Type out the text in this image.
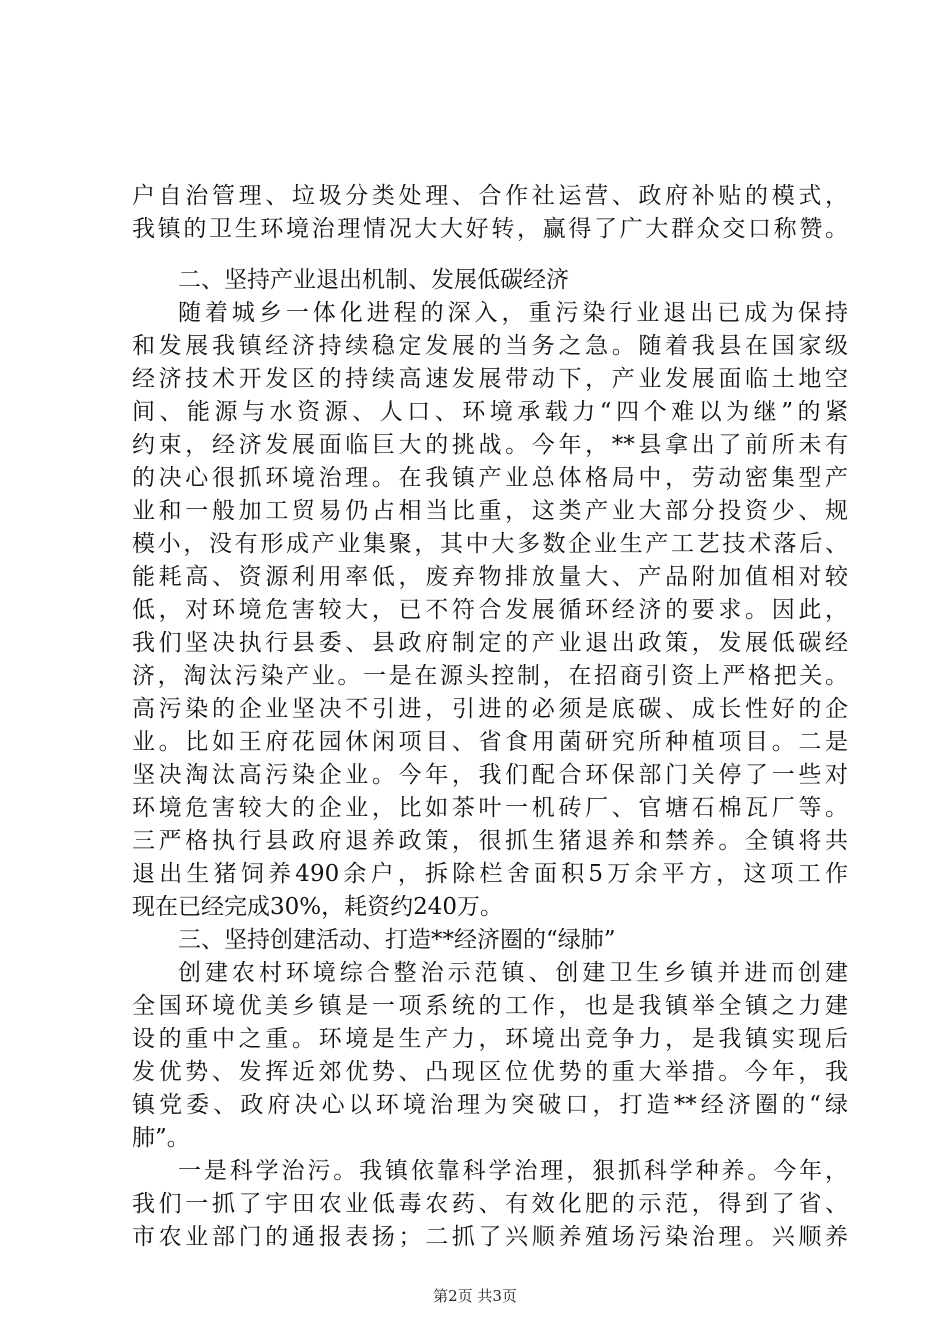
户自治管理、垃圾分类处理、合作社运营、政府补贴的模式，
我镇的卫生环境治理情况大大好转，赢得了广大群众交口称赞。
二、坚持产业退出机制、发展低碳经济
随着城乡一体化进程的深入，重污染行业退出已成为保持
和发展我镇经济持续稳定发展的当务之急。随着我县在国家级
经济技术开发区的持续高速发展带动下，产业发展面临土地空
间、能源与水资源、人口、环境承载力“四个难以为继”的紧
约束，经济发展面临巨大的挑战。今年，**县拿出了前所未有
的决心很抓环境治理。在我镇产业总体格局中，劳动密集型产
业和一般加工贸易仍占相当比重，这类产业大部分投资少、规
模小，没有形成产业集聚，其中大多数企业生产工艺技术落后、
能耗高、资源利用率低，废弃物排放量大、产品附加值相对较
低，对环境危害较大，已不符合发展循环经济的要求。因此，
我们坚决执行县委、县政府制定的产业退出政策，发展低碳经
济，淘汰污染产业。一是在源头控制，在招商引资上严格把关。
高污染的企业坚决不引进，引进的必须是底碳、成长性好的企
业。比如王府花园休闲项目、省食用菌研究所种植项目。二是
坚决淘汰高污染企业。今年，我们配合环保部门关停了一些对
环境危害较大的企业，比如茶叶一机砖厂、官塘石棉瓦厂等。
三严格执行县政府退养政策，很抓生猪退养和禁养。全镇将共
退出生猪饲养490余户，拆除栏舍面积5万余平方，这项工作
现在已经完成30%，耗资约240万。
三、坚持创建活动、打造**经济圈的“绿肺”
创建农村环境综合整治示范镇、创建卫生乡镇并进而创建
全国环境优美乡镇是一项系统的工作，也是我镇举全镇之力建
设的重中之重。环境是生产力，环境出竞争力，是我镇实现后
发优势、发挥近郊优势、凸现区位优势的重大举措。今年，我
镇党委、政府决心以环境治理为突破口，打造**经济圈的“绿
肺”。
一是科学治污。我镇依靠科学治理，狠抓科学种养。今年，
我们一抓了宇田农业低毒农药、有效化肥的示范，得到了省、
市农业部门的通报表扬；二抓了兴顺养殖场污染治理。兴顺养
第2页 共3页
